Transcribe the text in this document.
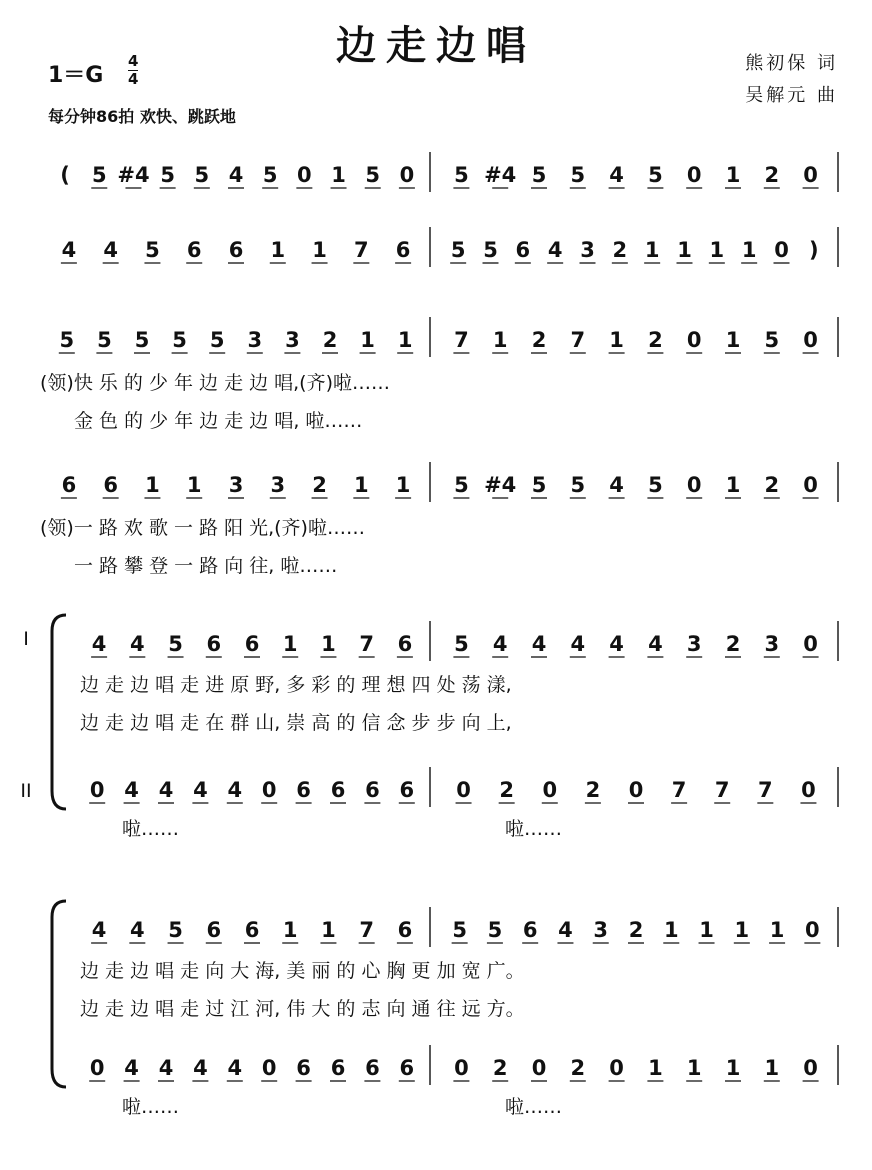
边走边唱	熊初保 词
吴解元 曲
1＝G
4
4
每分钟86拍 欢快、跳跃地
( 5 #4 5 5 4 5 0 1 5 0 5 #4 5 5 4 5 0 1 2 0
4 4 5 6 6 1 1 7 6 5 5 6 4 3 2 1 1 1 1 0 )
5 5 5 5 5 3 3 2 1 1 7 1 2 7 1 2 0 1 5 0
(领)快 乐 的 少 年 边 走 边 唱,(齐)啦……
金 色 的 少 年 边 走 边 唱, 啦……
6 6 1 1 3 3 2 1 1 5 #4 5 5 4 5 0 1 2 0
(领)一 路 欢 歌 一 路 阳 光,(齐)啦……
一 路 攀 登 一 路 向 往, 啦……
I
II
4 4 5 6 6 1 1 7 6 5 4 4 4 4 4 3 2 3 0
0 4 4 4 4 0 6 6 6 6 0 2 0 2 0 7 7 7 0
边 走 边 唱 走 进 原 野, 多 彩 的 理 想 四 处 荡 漾,
边 走 边 唱 走 在 群 山, 崇 高 的 信 念 步 步 向 上,
啦……	啦……
4 4 5 6 6 1 1 7 6 5 5 6 4 3 2 1 1 1 1 0
0 4 4 4 4 0 6 6 6 6 0 2 0 2 0 1 1 1 1 0
边 走 边 唱 走 向 大 海, 美 丽 的 心 胸 更 加 宽 广。
边 走 边 唱 走 过 江 河, 伟 大 的 志 向 通 往 远 方。
啦……	啦……
